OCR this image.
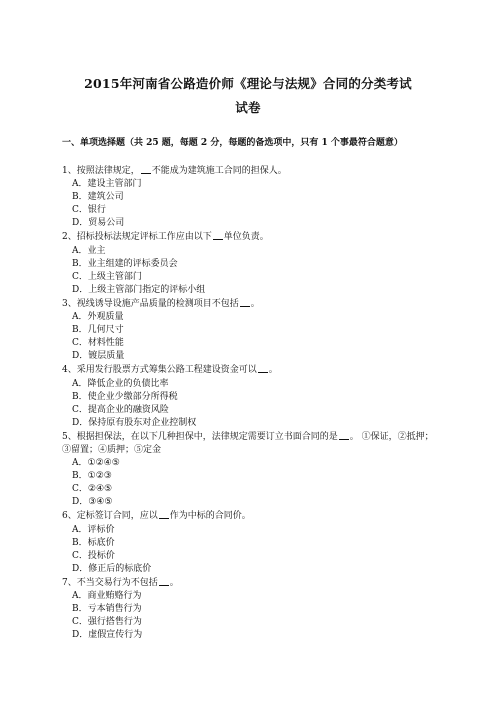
2015年河南省公路造价师《理论与法规》合同的分类考试
试卷
一、单项选择题（共 25 题，每题 2 分，每题的备选项中，只有 1 个事最符合题意）
1、按照法律规定， 不能成为建筑施工合同的担保人。
A．建设主管部门
B．建筑公司
C．银行
D．贸易公司
2、招标投标法规定评标工作应由以下 单位负责。
A．业主
B．业主组建的评标委员会
C．上级主管部门
D．上级主管部门指定的评标小组
3、视线诱导设施产品质量的检测项目不包括 。
A．外观质量
B．几何尺寸
C．材料性能
D．镀层质量
4、采用发行股票方式筹集公路工程建设资金可以 。
A．降低企业的负债比率
B．使企业少缴部分所得税
C．提高企业的融资风险
D．保持原有股东对企业控制权
5、根据担保法，在以下几种担保中，法律规定需要订立书面合同的是 。 ①保证，②抵押；③留置；④质押；⑤定金
A．①②④⑤
B．①②③
C．②④⑤
D．③④⑤
6、定标签订合同，应以 作为中标的合同价。
A．评标价
B．标底价
C．投标价
D．修正后的标底价
7、不当交易行为不包括 。
A．商业贿赂行为
B．亏本销售行为
C．强行搭售行为
D．虚假宣传行为
